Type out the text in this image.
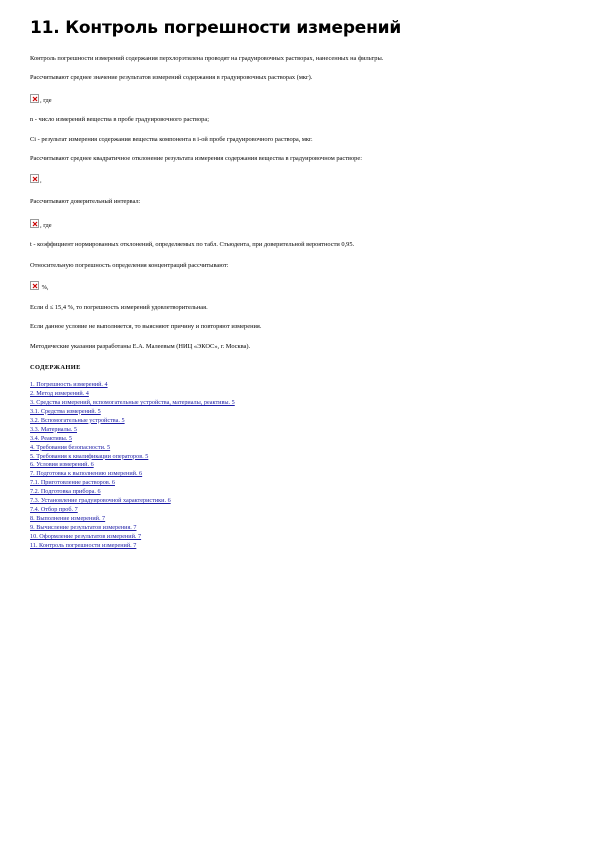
11. Контроль погрешности измерений

Контроль погрешности измерений содержания перхлорэтилена проводят на градуировочных растворах, нанесенных на фильтры.

Рассчитывают среднее значение результатов измерений содержания в градуировочных растворах (мкг).

, где

n - число измерений вещества в пробе градуировочного раствора;

Сi - результат измерения содержания вещества компонента в i-ой пробе градуировочного раствора, мкг.

Рассчитывают среднее квадратичное отклонение результата измерения содержания вещества в градуировочном растворе:

,

Рассчитывают доверительный интервал:

, где

t - коэффициент нормированных отклонений, определяемых по табл. Стьюдента, при доверительной вероятности 0,95.

Относительную погрешность определения концентраций рассчитывают:

%,

Если d ≤ 15,4 %, то погрешность измерений удовлетворительная.

Если данное условие не выполняется, то выясняют причину и повторяют измерения.

Методические указания разработаны Е.А. Малеевым (НИЦ «ЭКОС», г. Москва).

СОДЕРЖАНИЕ
1. Погрешность измерений. 4
2. Метод измерений. 4
3. Средства измерений, вспомогательные устройства, материалы, реактивы. 5
3.1. Средства измерений. 5
3.2. Вспомогательные устройства. 5
3.3. Материалы. 5
3.4. Реактивы. 5
4. Требования безопасности. 5
5. Требования к квалификации операторов. 5
6. Условия измерений. 6
7. Подготовка к выполнению измерений. 6
7.1. Приготовление растворов. 6
7.2. Подготовка прибора. 6
7.3. Установление градуировочной характеристики. 6
7.4. Отбор проб. 7
8. Выполнение измерений. 7
9. Вычисление результатов измерения. 7
10. Оформление результатов измерений. 7
11. Контроль погрешности измерений. 7
